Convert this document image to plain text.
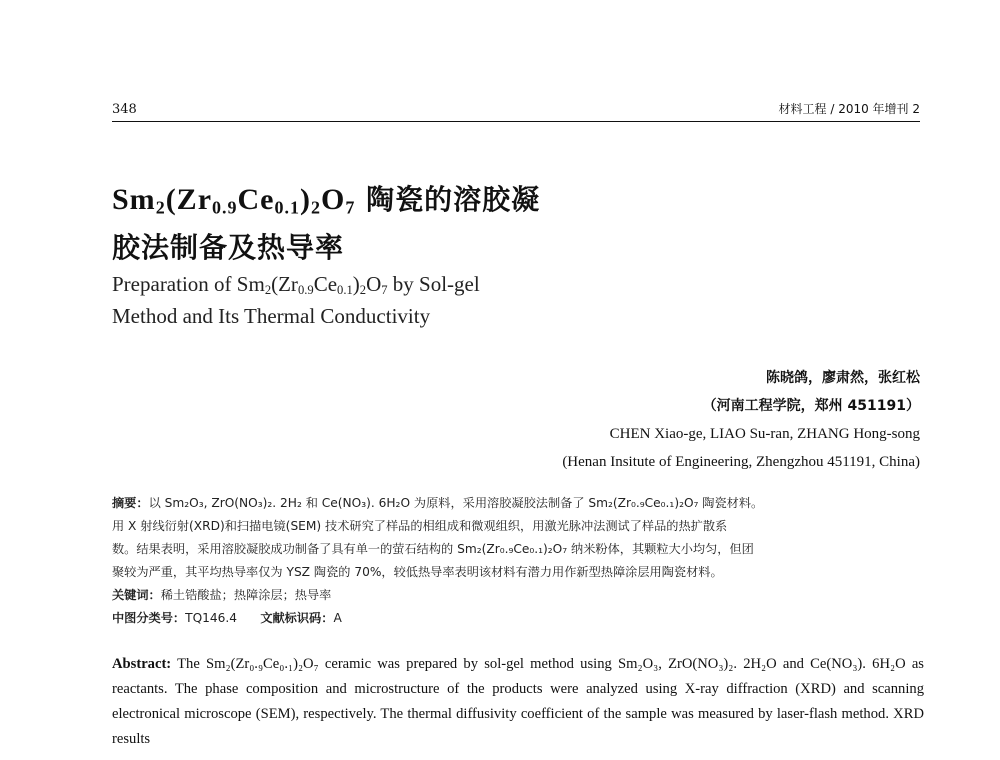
348	材料工程 / 2010 年增刊 2
$Sm_2(Zr_{0.9}Ce_{0.1})_2O_7$ 陶瓷的溶胶凝
胶法制备及热导率
Preparation of $Sm_2(Zr_{0.9}Ce_{0.1})_2O_7$ by Sol-gel
Method and Its Thermal Conductivity
陈晓鸽，廖肃然，张红松
（河南工程学院，郑州 451191）
CHEN Xiao-ge, LIAO Su-ran, ZHANG Hong-song
(Henan Insitute of Engineering, Zhengzhou 451191, China)

摘要：以 Sm₂O₃, ZrO(NO₃)₂. 2H₂ 和 Ce(NO₃). 6H₂O 为原料，采用溶胶凝胶法制备了 Sm₂(Zr₀.₉Ce₀.₁)₂O₇ 陶瓷材料。

用 X 射线衍射(XRD)和扫描电镜(SEM) 技术研究了样品的相组成和微观组织，用激光脉冲法测试了样品的热扩散系

数。结果表明，采用溶胶凝胶成功制备了具有单一的萤石结构的 Sm₂(Zr₀.₉Ce₀.₁)₂O₇ 纳米粉体，其颗粒大小均匀，但团

聚较为严重，其平均热导率仅为 YSZ 陶瓷的 70%，较低热导率表明该材料有潜力用作新型热障涂层用陶瓷材料。

关键词：稀土锆酸盐；热障涂层；热导率

中图分类号：TQ146.4 文献标识码：A

Abstract: The Sm₂(Zr₀.₉Ce₀.₁)₂O₇ ceramic was prepared by sol-gel method using Sm₂O₃, ZrO(NO₃)₂. 2H₂O and Ce(NO₃). 6H₂O as reactants. The phase composition and microstructure of the products were analyzed using X-ray diffraction (XRD) and scanning electronical microscope (SEM), respectively. The thermal diffusivity coefficient of the sample was measured by laser-flash method. XRD results
